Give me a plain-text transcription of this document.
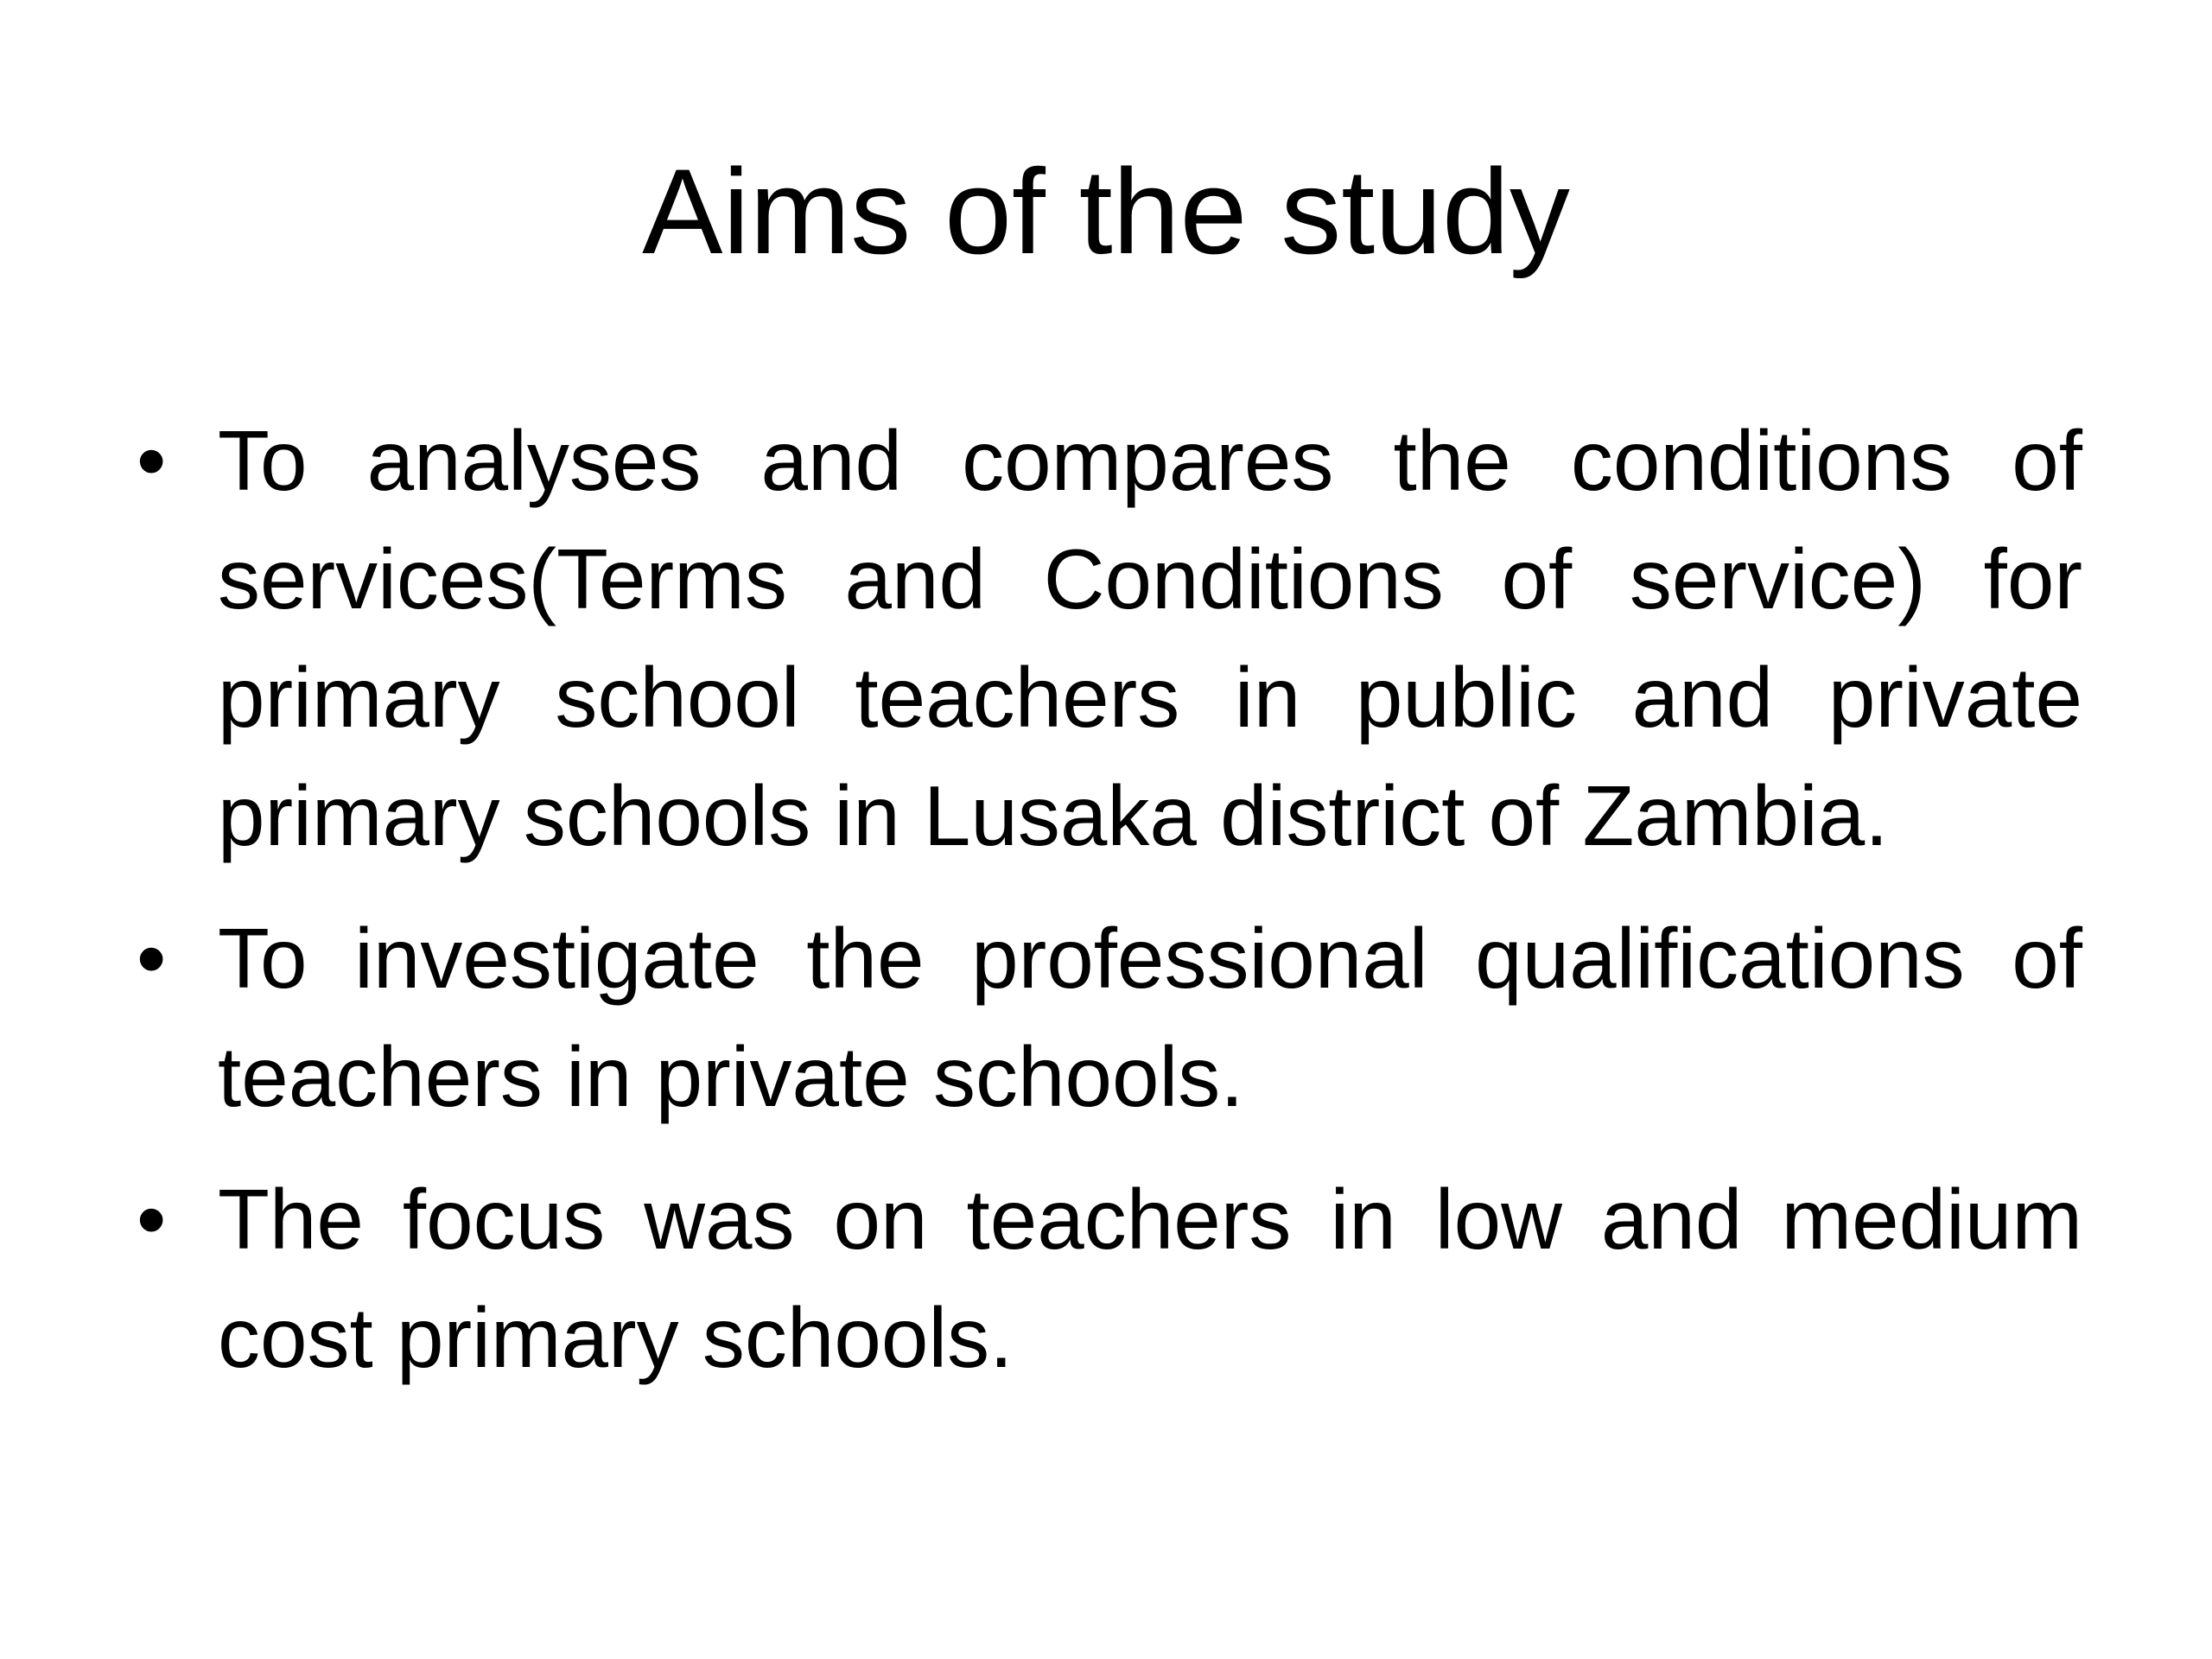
Aims of the study
• To analyses and compares the conditions of services(Terms and Conditions of service) for primary school teachers in public and private primary schools in Lusaka district of Zambia.
• To investigate the professional qualifications of teachers in private schools.
• The focus was on teachers in low and medium cost primary schools.
